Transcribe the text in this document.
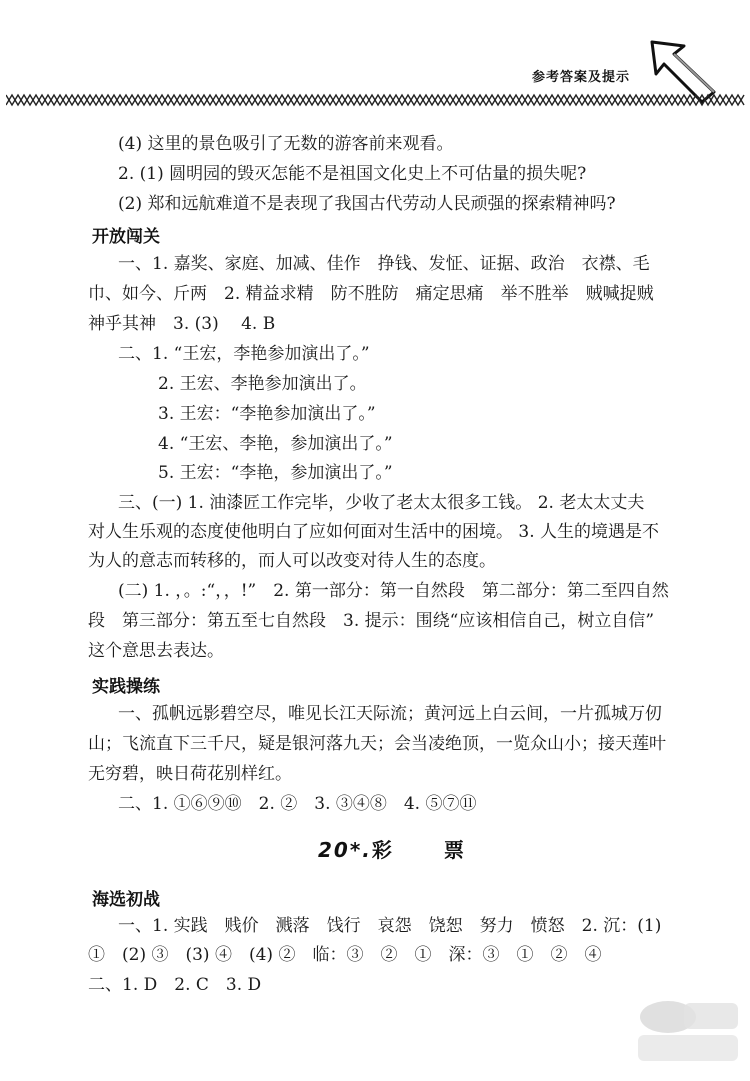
参考答案及提示
(4) 这里的景色吸引了无数的游客前来观看。
2. (1) 圆明园的毁灭怎能不是祖国文化史上不可估量的损失呢?
(2) 郑和远航难道不是表现了我国古代劳动人民顽强的探索精神吗?
开放闯关
一、1. 嘉奖、家庭、加减、佳作　挣钱、发怔、证据、政治　衣襟、毛
巾、如今、斤两　2. 精益求精　防不胜防　痛定思痛　举不胜举　贼喊捉贼
神乎其神　3. (3)　 4. B
二、1. “王宏，李艳参加演出了。”
2. 王宏、李艳参加演出了。
3. 王宏：“李艳参加演出了。”
4. “王宏、李艳，参加演出了。”
5. 王宏：“李艳，参加演出了。”
三、(一) 1. 油漆匠工作完毕，少收了老太太很多工钱。 2. 老太太丈夫
对人生乐观的态度使他明白了应如何面对生活中的困境。 3. 人生的境遇是不
为人的意志而转移的，而人可以改变对待人生的态度。
(二) 1. ，。:“，，!”　2. 第一部分：第一自然段　第二部分：第二至四自然
段　第三部分：第五至七自然段　3. 提示：围绕“应该相信自己，树立自信”
这个意思去表达。
实践操练
一、孤帆远影碧空尽，唯见长江天际流；黄河远上白云间，一片孤城万仞
山；飞流直下三千尺，疑是银河落九天；会当凌绝顶，一览众山小；接天莲叶
无穷碧，映日荷花别样红。
二、1. ①⑥⑨⑩　2. ②　3. ③④⑧　4. ⑤⑦⑪
20*.彩	票
海选初战
一、1. 实践　贱价　溅落　饯行　哀怨　饶恕　努力　愤怒　2. 沉：(1)
①　(2) ③　(3) ④　(4) ②　临：③　②　①　深：③　①　②　④
二、1. D　2. C　3. D
